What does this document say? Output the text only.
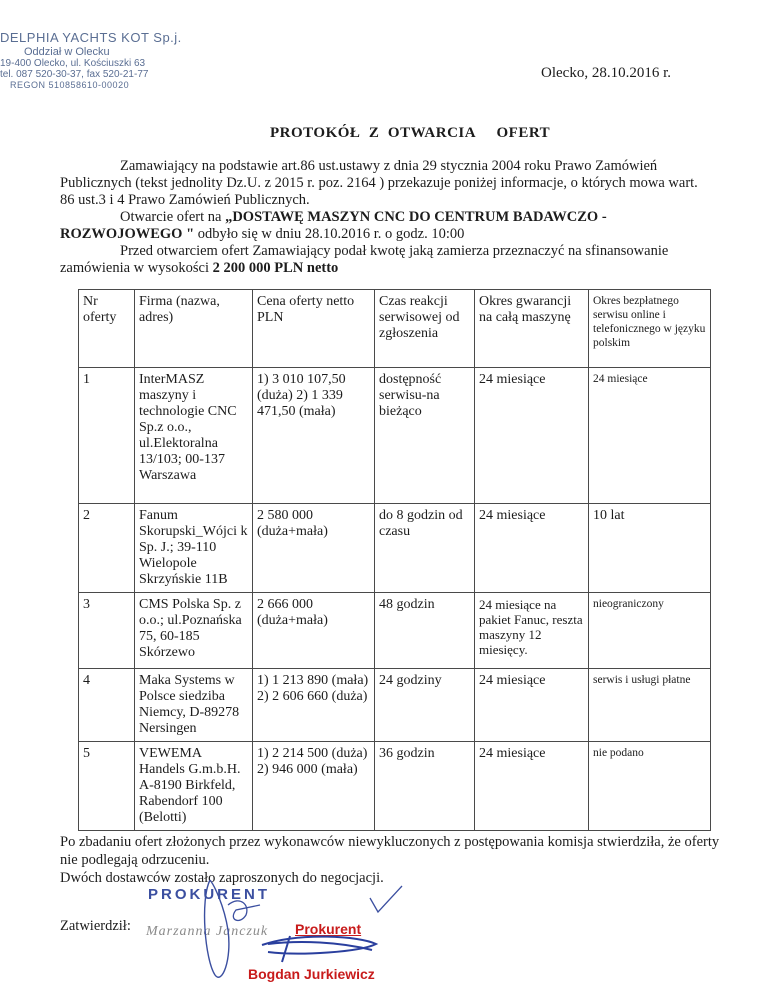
DELPHIA YACHTS KOT Sp.j.
Oddział w Olecku
19-400 Olecko, ul. Kościuszki 63
tel. 087 520-30-37, fax 520-21-77
REGON 510858610-00020
Olecko, 28.10.2016 r.
PROTOKÓŁ  Z  OTWARCIA     OFERT

Zamawiający na podstawie art.86 ust.ustawy z dnia 29 stycznia 2004 roku Prawo Zamówień Publicznych (tekst jednolity Dz.U. z 2015 r. poz. 2164 ) przekazuje poniżej informacje, o których mowa wart. 86 ust.3 i 4 Prawo Zamówień Publicznych.

Otwarcie ofert na „DOSTAWĘ MASZYN CNC DO CENTRUM BADAWCZO - ROZWOJOWEGO " odbyło się w dniu 28.10.2016 r. o godz. 10:00

Przed otwarciem ofert Zamawiający podał kwotę jaką zamierza przeznaczyć na sfinansowanie zamówienia w wysokości 2 200 000 PLN netto

Nr oferty	Firma (nazwa, adres)	Cena oferty netto PLN	Czas reakcji serwisowej od zgłoszenia	Okres gwarancji na całą maszynę	Okres bezpłatnego serwisu online i telefonicznego w języku polskim
1	InterMASZ maszyny i technologie CNC Sp.z o.o., ul.Elektoralna 13/103; 00-137 Warszawa	1) 3 010 107,50 (duża) 2) 1 339 471,50 (mała)	dostępność serwisu-na bieżąco	24 miesiące	24 miesiące
2	Fanum Skorupski_Wójci k Sp. J.; 39-110 Wielopole Skrzyńskie 11B	2 580 000 (duża+mała)	do 8 godzin od czasu	24 miesiące	10 lat
3	CMS Polska Sp. z o.o.; ul.Poznańska 75, 60-185 Skórzewo	2 666 000 (duża+mała)	48 godzin	24 miesiące na pakiet Fanuc, reszta maszyny 12 miesięcy.	nieograniczony
4	Maka Systems w Polsce siedziba Niemcy, D-89278 Nersingen	1) 1 213 890 (mała) 2) 2 606 660 (duża)	24 godziny	24 miesiące	serwis i usługi płatne
5	VEWEMA Handels G.m.b.H. A-8190 Birkfeld, Rabendorf 100 (Belotti)	1) 2 214 500 (duża) 2) 946 000 (mała)	36 godzin	24 miesiące	nie podano

Po zbadaniu ofert złożonych przez wykonawców niewykluczonych z postępowania komisja stwierdziła, że oferty nie podlegają odrzuceniu.

Dwóch dostawców zostało zaproszonych do negocjacji.

PROKURENT
Zatwierdził: Marzanna Janczuk Prokurent
Bogdan Jurkiewicz
